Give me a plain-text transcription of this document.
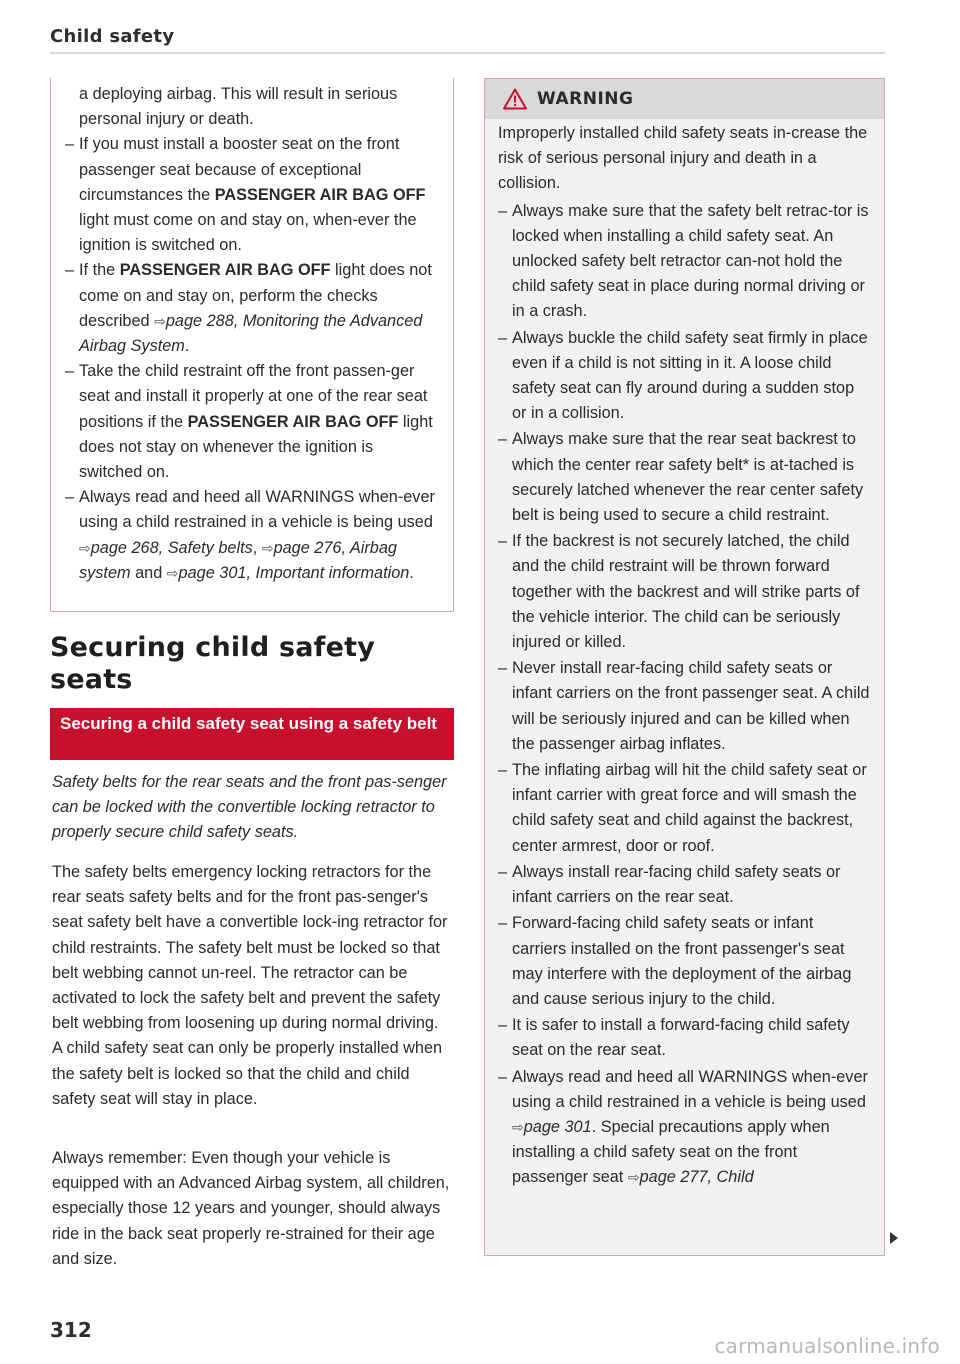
Child safety

a deploying airbag. This will result in serious personal injury or death.

– If you must install a booster seat on the front passenger seat because of exceptional circumstances the PASSENGER AIR BAG OFF light must come on and stay on, when-ever the ignition is switched on.

– If the PASSENGER AIR BAG OFF light does not come on and stay on, perform the checks described ⇨page 288, Monitoring the Advanced Airbag System.

– Take the child restraint off the front passen-ger seat and install it properly at one of the rear seat positions if the PASSENGER AIR BAG OFF light does not stay on whenever the ignition is switched on.

– Always read and heed all WARNINGS when-ever using a child restrained in a vehicle is being used ⇨page 268, Safety belts, ⇨page 276, Airbag system and ⇨page 301, Important information.

Securing child safety seats
Securing a child safety seat using a safety belt

Safety belts for the rear seats and the front pas-senger can be locked with the convertible locking retractor to properly secure child safety seats.

The safety belts emergency locking retractors for the rear seats safety belts and for the front pas-senger's seat safety belt have a convertible lock-ing retractor for child restraints. The safety belt must be locked so that belt webbing cannot un-reel. The retractor can be activated to lock the safety belt and prevent the safety belt webbing from loosening up during normal driving. A child safety seat can only be properly installed when the safety belt is locked so that the child and child safety seat will stay in place.

Always remember: Even though your vehicle is equipped with an Advanced Airbag system, all children, especially those 12 years and younger, should always ride in the back seat properly re-strained for their age and size.

312
WARNING

Improperly installed child safety seats in-crease the risk of serious personal injury and death in a collision.

– Always make sure that the safety belt retrac-tor is locked when installing a child safety seat. An unlocked safety belt retractor can-not hold the child safety seat in place during normal driving or in a crash.
– Always buckle the child safety seat firmly in place even if a child is not sitting in it. A loose child safety seat can fly around during a sudden stop or in a collision.
– Always make sure that the rear seat backrest to which the center rear safety belt* is at-tached is securely latched whenever the rear center safety belt is being used to secure a child restraint.
– If the backrest is not securely latched, the child and the child restraint will be thrown forward together with the backrest and will strike parts of the vehicle interior. The child can be seriously injured or killed.
– Never install rear-facing child safety seats or infant carriers on the front passenger seat. A child will be seriously injured and can be killed when the passenger airbag inflates.
– The inflating airbag will hit the child safety seat or infant carrier with great force and will smash the child safety seat and child against the backrest, center armrest, door or roof.
– Always install rear-facing child safety seats or infant carriers on the rear seat.
– Forward-facing child safety seats or infant carriers installed on the front passenger's seat may interfere with the deployment of the airbag and cause serious injury to the child.
– It is safer to install a forward-facing child safety seat on the rear seat.
– Always read and heed all WARNINGS when-ever using a child restrained in a vehicle is being used ⇨page 301. Special precautions apply when installing a child safety seat on the front passenger seat ⇨page 277, Child
carmanualsonline.info
